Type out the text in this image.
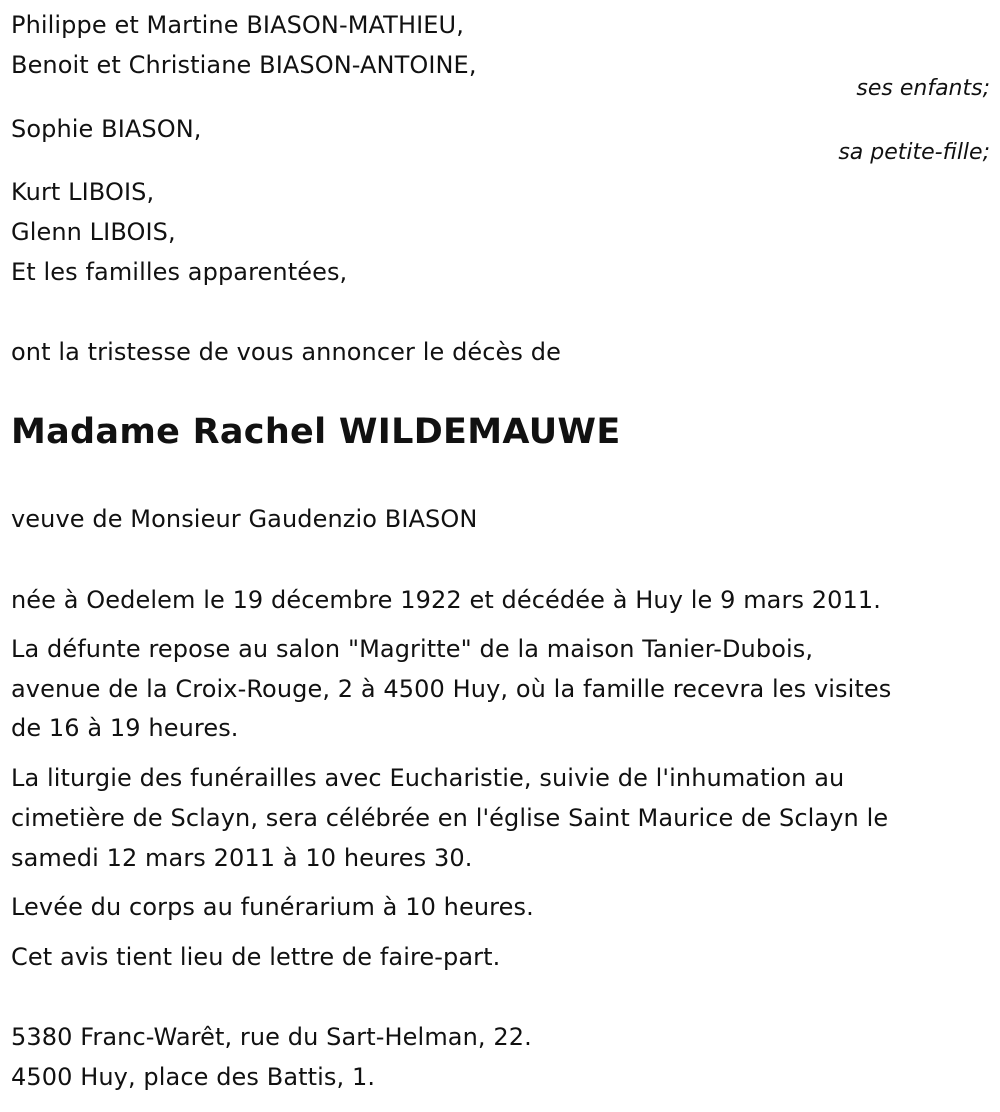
Philippe et Martine BIASON-MATHIEU,
Benoit et Christiane BIASON-ANTOINE,
ses enfants;
Sophie BIASON,
sa petite-fille;
Kurt LIBOIS,
Glenn LIBOIS,
Et les familles apparentées,
ont la tristesse de vous annoncer le décès de
Madame Rachel WILDEMAUWE
veuve de Monsieur Gaudenzio BIASON
née à Oedelem le 19 décembre 1922 et décédée à Huy le 9 mars 2011.
La défunte repose au salon "Magritte" de la maison Tanier-Dubois,
avenue de la Croix-Rouge, 2 à 4500 Huy, où la famille recevra les visites
de 16 à 19 heures.
La liturgie des funérailles avec Eucharistie, suivie de l'inhumation au
cimetière de Sclayn, sera célébrée en l'église Saint Maurice de Sclayn le
samedi 12 mars 2011 à 10 heures 30.
Levée du corps au funérarium à 10 heures.
Cet avis tient lieu de lettre de faire-part.
5380 Franc-Warêt, rue du Sart-Helman, 22.
4500 Huy, place des Battis, 1.
